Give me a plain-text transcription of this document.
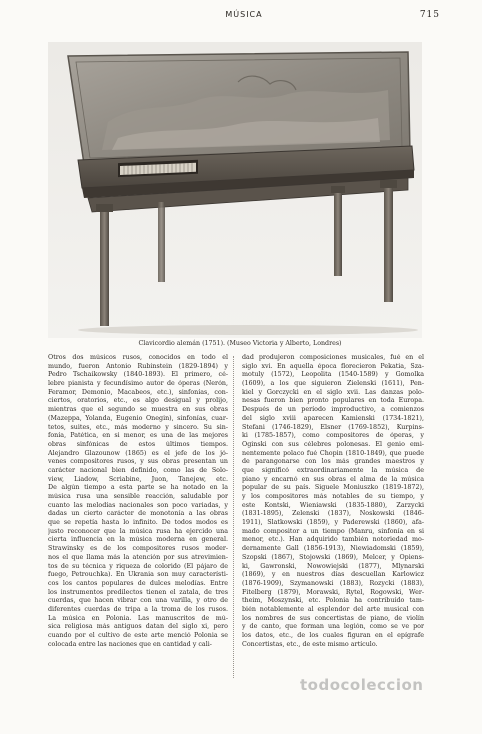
MÚSICA	715
Clavicordio alemán (1751). (Museo Victoria y Alberto, Londres)
Otros dos músicos rusos, conocidos en todo el
mundo, fueron Antonio Rubinstein (1829-1894) y
Pedro Tschaikowsky (1840-1893). El primero, cé-
lebre pianista y fecundísimo autor de óperas (Nerón,
Feramor, Demonio, Macabeos, etc.), sinfonías, con-
ciertos, oratorios, etc., es algo desigual y prolijo,
mientras que el segundo se muestra en sus obras
(Mazeppa, Yolanda, Eugenio Onegin), sinfonías, cuar-
tetos, suites, etc., más moderno y sincero. Su sin-
fonía, Patética, en si menor, es una de las mejores
obras sinfónicas de estos últimos tiempos.
Alejandro Glazounow (1865) es el jefe de los jó-
venes compositores rusos, y sus obras presentan un
carácter nacional bien definido, como las de Solo-
view, Liadow, Scriabine, Juon, Tanejew, etc.
De algún tiempo a esta parte se ha notado en la
música rusa una sensible reacción, saludable por
cuanto las melodías nacionales son poco variadas, y
dadas un cierto carácter de monotonía a las obras
que se repetía hasta lo infinito. De todos modos es
justo reconocer que la música rusa ha ejercido una
cierta influencia en la música moderna en general.
Strawinsky es de los compositores rusos moder-
nos el que llama más la atención por sus atrevimien-
tos de su técnica y riqueza de colorido (El pájaro de
fuego, Petrouchka). En Ukrania son muy característi-
cos los cantos populares de dulces melodías. Entre
los instrumentos predilectos tienen el zatala, de tres
cuerdas, que hacen vibrar con una varilla, y otro de
diferentes cuerdas de tripa a la troma de los rusos.
La música en Polonia. Las manuscritos de mú-
sica religiosa más antiguos datan del siglo xi, pero
cuando por el cultivo de este arte menció Polonia se
colocada entre las naciones que en cantidad y cali-
dad produjeron composiciones musicales, fué en el
siglo xvi. En aquella época florecieron Pekatia, Sza-
motuly (1572), Leopolita (1540-1589) y Gomolka
(1609), a los que siguieron Zielenski (1611), Pen-
kiel y Gorczycki en el siglo xvii. Las danzas polo-
nesas fueron bien pronto populares en toda Europa.
Después de un período improductivo, a comienzos
del siglo xviii aparecen Kamienski (1734-1821),
Stefani (1746-1829), Elsner (1769-1852), Kurpins-
ki (1785-1857), como compositores de óperas, y
Oginski con sus célebres polonesas. El genio emi-
nentemente polaco fué Chopin (1810-1849), que puede
de parangonarse con los más grandes maestros y
que significó extraordinariamente la música de
piano y encarnó en sus obras el alma de la música
popular de su país. Siguele Moniuszko (1819-1872),
y los compositores más notables de su tiempo, y
este Kontski, Wieniawski (1835-1880), Zarzycki
(1831-1895), Zelenski (1837), Noskowski (1846-
1911), Slatkowski (1859), y Paderewski (1860), afa-
mado compositor a un tiempo (Manru, sinfonía en si
menor, etc.). Han adquirido también notoriedad mo-
dernamente Gall (1856-1913), Niewiadomski (1859),
Szopski (1867), Stojowski (1869), Melcer, y Opiens-
ki, Gawronski, Nowowiejski (1877), Mlynarski
(1869), y en nuestros días descuellan Karlowicz
(1876-1909), Szymanowski (1883), Rozycki (1883),
Fitelberg (1879), Morawski, Rytel, Rogowski, Wer-
theim, Moszynski, etc. Polonia ha contribuído tam-
bién notablemente al esplendor del arte musical con
los nombres de sus concertistas de piano, de violín
y de canto, que forman una legión, como se ve por
los datos, etc., de los cuales figuran en el epígrafe
Concertistas, etc., de este mismo artículo.
todocoleccion
